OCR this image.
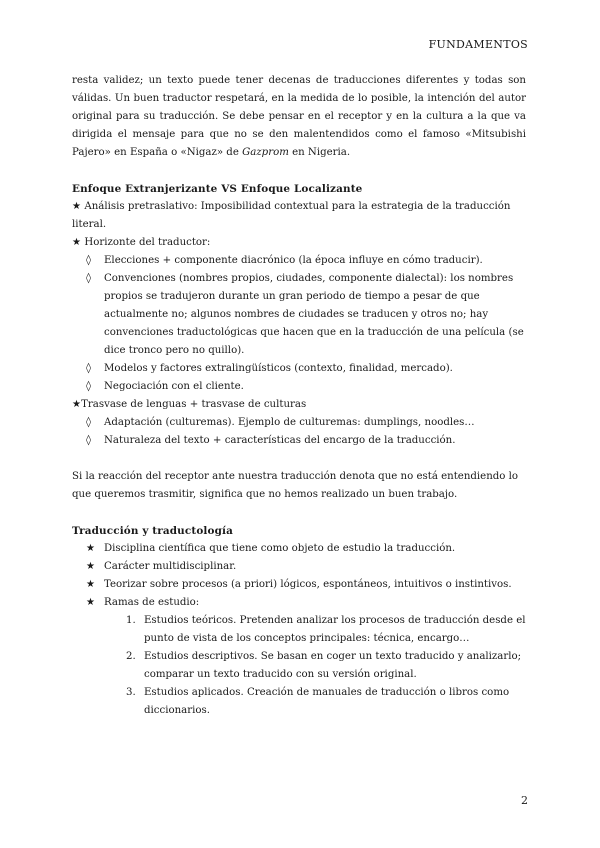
FUNDAMENTOS

resta validez; un texto puede tener decenas de traducciones diferentes y todas son válidas. Un buen traductor respetará, en la medida de lo posible, la intención del autor original para su traducción. Se debe pensar en el receptor y en la cultura a la que va dirigida el mensaje para que no se den malentendidos como el famoso «Mitsubishi Pajero» en España o «Nigaz» de Gazprom en Nigeria.

Enfoque Extranjerizante VS Enfoque Localizante

★ Análisis pretraslativo: Imposibilidad contextual para la estrategia de la traducción literal.
★ Horizonte del traductor:
◊ Elecciones + componente diacrónico (la época influye en cómo traducir).
◊ Convenciones (nombres propios, ciudades, componente dialectal): los nombres propios se tradujeron durante un gran periodo de tiempo a pesar de que actualmente no; algunos nombres de ciudades se traducen y otros no; hay convenciones traductológicas que hacen que en la traducción de una película (se dice tronco pero no quillo).
◊ Modelos y factores extralingüísticos (contexto, finalidad, mercado).
◊ Negociación con el cliente.
★Trasvase de lenguas + trasvase de culturas
◊ Adaptación (culturemas). Ejemplo de culturemas: dumplings, noodles…
◊ Naturaleza del texto + características del encargo de la traducción.

Si la reacción del receptor ante nuestra traducción denota que no está entendiendo lo que queremos trasmitir, significa que no hemos realizado un buen trabajo.

Traducción y traductología

★ Disciplina científica que tiene como objeto de estudio la traducción.
★ Carácter multidisciplinar.
★ Teorizar sobre procesos (a priori) lógicos, espontáneos, intuitivos o instintivos.
★ Ramas de estudio:
1. Estudios teóricos. Pretenden analizar los procesos de traducción desde el punto de vista de los conceptos principales: técnica, encargo…
2. Estudios descriptivos. Se basan en coger un texto traducido y analizarlo; comparar un texto traducido con su versión original.
3. Estudios aplicados. Creación de manuales de traducción o libros como diccionarios.
2
